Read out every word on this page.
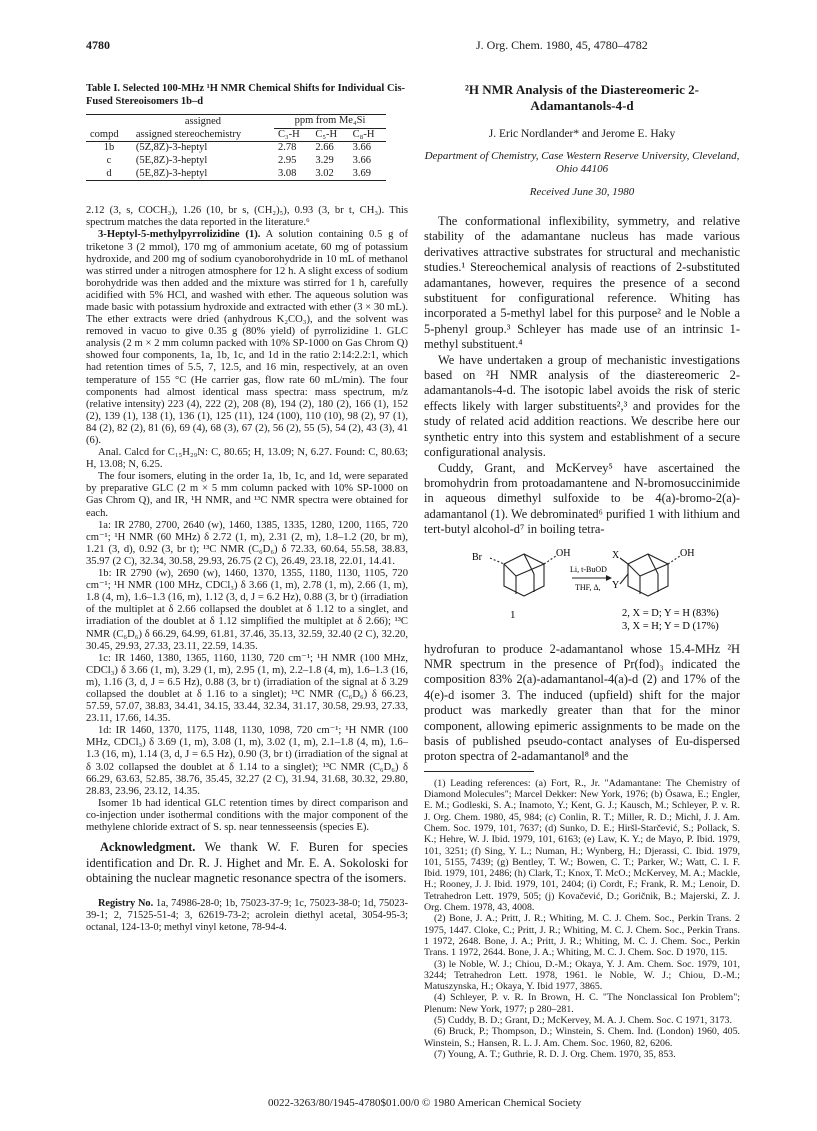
4780	J. Org. Chem. 1980, 45, 4780–4782
Table I. Selected 100-MHz ¹H NMR Chemical Shifts for Individual Cis-Fused Stereoisomers 1b–d
	assigned	ppm from Me₄Si		
compd	assigned stereochemistry	C₃-H	C₅-H	C₈-H
1b	(5Z,8Z)-3-heptyl	2.78	2.66	3.66
c	(5E,8Z)-3-heptyl	2.95	3.29	3.66
d	(5E,8Z)-3-heptyl	3.08	3.02	3.69

2.12 (3, s, COCH₃), 1.26 (10, br s, (CH₂)₅), 0.93 (3, br t, CH₃). This spectrum matches the data reported in the literature.⁶

3-Heptyl-5-methylpyrrolizidine (1). A solution containing 0.5 g of triketone 3 (2 mmol), 170 mg of ammonium acetate, 60 mg of potassium hydroxide, and 200 mg of sodium cyanoborohydride in 10 mL of methanol was stirred under a nitrogen atmosphere for 12 h. A slight excess of sodium borohydride was then added and the mixture was stirred for 1 h, carefully acidified with 5% HCl, and washed with ether. The aqueous solution was made basic with potassium hydroxide and extracted with ether (3 × 30 mL). The ether extracts were dried (anhydrous K₂CO₃), and the solvent was removed in vacuo to give 0.35 g (80% yield) of pyrrolizidine 1. GLC analysis (2 m × 2 mm column packed with 10% SP-1000 on Gas Chrom Q) showed four components, 1a, 1b, 1c, and 1d in the ratio 2:14:2.2:1, which had retention times of 5.5, 7, 12.5, and 16 min, respectively, at an oven temperature of 155 °C (He carrier gas, flow rate 60 mL/min). The four components had almost identical mass spectra: mass spectrum, m/z (relative intensity) 223 (4), 222 (2), 208 (8), 194 (2), 180 (2), 166 (1), 152 (2), 139 (1), 138 (1), 136 (1), 125 (11), 124 (100), 110 (10), 98 (2), 97 (1), 84 (2), 82 (2), 81 (6), 69 (4), 68 (3), 67 (2), 56 (2), 55 (5), 54 (2), 43 (3), 41 (6).

Anal. Calcd for C₁₅H₂₉N: C, 80.65; H, 13.09; N, 6.27. Found: C, 80.63; H, 13.08; N, 6.25.

The four isomers, eluting in the order 1a, 1b, 1c, and 1d, were separated by preparative GLC (2 m × 5 mm column packed with 10% SP-1000 on Gas Chrom Q), and IR, ¹H NMR, and ¹³C NMR spectra were obtained for each.

1a: IR 2780, 2700, 2640 (w), 1460, 1385, 1335, 1280, 1200, 1165, 720 cm⁻¹; ¹H NMR (60 MHz) δ 2.72 (1, m), 2.31 (2, m), 1.8–1.2 (20, br m), 1.21 (3, d), 0.92 (3, br t); ¹³C NMR (C₆D₆) δ 72.33, 60.64, 55.58, 38.83, 35.97 (2 C), 32.34, 30.58, 29.93, 26.75 (2 C), 26.49, 23.18, 22.01, 14.41.

1b: IR 2790 (w), 2690 (w), 1460, 1370, 1355, 1180, 1130, 1105, 720 cm⁻¹; ¹H NMR (100 MHz, CDCl₃) δ 3.66 (1, m), 2.78 (1, m), 2.66 (1, m), 1.8 (4, m), 1.6–1.3 (16, m), 1.12 (3, d, J = 6.2 Hz), 0.88 (3, br t) (irradiation of the multiplet at δ 2.66 collapsed the doublet at δ 1.12 to a singlet, and irradiation of the doublet at δ 1.12 simplified the multiplet at δ 2.66); ¹³C NMR (C₆D₆) δ 66.29, 64.99, 61.81, 37.46, 35.13, 32.59, 32.40 (2 C), 32.20, 30.45, 29.93, 27.33, 23.11, 22.59, 14.35.

1c: IR 1460, 1380, 1365, 1160, 1130, 720 cm⁻¹; ¹H NMR (100 MHz, CDCl₃) δ 3.66 (1, m), 3.29 (1, m), 2.95 (1, m), 2.2–1.8 (4, m), 1.6–1.3 (16, m), 1.16 (3, d, J = 6.5 Hz), 0.88 (3, br t) (irradiation of the signal at δ 3.29 collapsed the doublet at δ 1.16 to a singlet); ¹³C NMR (C₆D₆) δ 66.23, 57.59, 57.07, 38.83, 34.41, 34.15, 33.44, 32.34, 31.17, 30.58, 29.93, 27.33, 23.11, 17.66, 14.35.

1d: IR 1460, 1370, 1175, 1148, 1130, 1098, 720 cm⁻¹; ¹H NMR (100 MHz, CDCl₃) δ 3.69 (1, m), 3.08 (1, m), 3.02 (1, m), 2.1–1.8 (4, m), 1.6–1.3 (16, m), 1.14 (3, d, J = 6.5 Hz), 0.90 (3, br t) (irradiation of the signal at δ 3.02 collapsed the doublet at δ 1.14 to a singlet); ¹³C NMR (C₆D₆) δ 66.29, 63.63, 52.85, 38.76, 35.45, 32.27 (2 C), 31.94, 31.68, 30.32, 29.80, 28.83, 23.96, 23.12, 14.35.

Isomer 1b had identical GLC retention times by direct comparison and co-injection under isothermal conditions with the major component of the methylene chloride extract of S. sp. near tennesseensis (species E).

Acknowledgment. We thank W. F. Buren for species identification and Dr. R. J. Highet and Mr. E. A. Sokoloski for obtaining the nuclear magnetic resonance spectra of the isomers.

Registry No. 1a, 74986-28-0; 1b, 75023-37-9; 1c, 75023-38-0; 1d, 75023-39-1; 2, 71525-51-4; 3, 62619-73-2; acrolein diethyl acetal, 3054-95-3; octanal, 124-13-0; methyl vinyl ketone, 78-94-4.

²H NMR Analysis of the Diastereomeric 2-Adamantanols-4-d

J. Eric Nordlander* and Jerome E. Haky

Department of Chemistry, Case Western Reserve University, Cleveland, Ohio 44106

Received June 30, 1980

The conformational inflexibility, symmetry, and relative stability of the adamantane nucleus has made various derivatives attractive substrates for structural and mechanistic studies.¹ Stereochemical analysis of reactions of 2-substituted adamantanes, however, requires the presence of a second substituent for configurational reference. Whiting has incorporated a 5-methyl label for this purpose² and le Noble a 5-phenyl group.³ Schleyer has made use of an intrinsic 1-methyl substituent.⁴

We have undertaken a group of mechanistic investigations based on ²H NMR analysis of the diastereomeric 2-adamantanols-4-d. The isotopic label avoids the risk of steric effects likely with larger substituents²,³ and provides for the study of related acid addition reactions. We describe here our synthetic entry into this system and establishment of a secure configurational analysis.

Cuddy, Grant, and McKervey⁵ have ascertained the bromohydrin from protoadamantene and N-bromosuccinimide in aqueous dimethyl sulfoxide to be 4(a)-bromo-2(a)-adamantanol (1). We debrominated⁶ purified 1 with lithium and tert-butyl alcohol-d⁷ in boiling tetra-

Br	OH
Li, t-BuOD
THF, Δ,
X
Y
OH
1	2, X = D; Y = H (83%)
3, X = H; Y = D (17%)

hydrofuran to produce 2-adamantanol whose 15.4-MHz ²H NMR spectrum in the presence of Pr(fod)₃ indicated the composition 83% 2(a)-adamantanol-4(a)-d (2) and 17% of the 4(e)-d isomer 3. The induced (upfield) shift for the major product was markedly greater than that for the minor component, allowing epimeric assignments to be made on the basis of published pseudo-contact analyses of Eu-dispersed proton spectra of 2-adamantanol⁸ and the

(1) Leading references: (a) Fort, R., Jr. "Adamantane: The Chemistry of Diamond Molecules"; Marcel Dekker: New York, 1976; (b) Ōsawa, E.; Engler, E. M.; Godleski, S. A.; Inamoto, Y.; Kent, G. J.; Kausch, M.; Schleyer, P. v. R. J. Org. Chem. 1980, 45, 984; (c) Conlin, R. T.; Miller, R. D.; Michl, J. J. Am. Chem. Soc. 1979, 101, 7637; (d) Sunko, D. E.; Hiršl-Starčević, S.; Pollack, S. K.; Hehre, W. J. Ibid. 1979, 101, 6163; (e) Law, K. Y.; de Mayo, P. Ibid. 1979, 101, 3251; (f) Sing, Y. L.; Numan, H.; Wynberg, H.; Djerassi, C. Ibid. 1979, 101, 5155, 7439; (g) Bentley, T. W.; Bowen, C. T.; Parker, W.; Watt, C. I. F. Ibid. 1979, 101, 2486; (h) Clark, T.; Knox, T. McO.; McKervey, M. A.; Mackle, H.; Rooney, J. J. Ibid. 1979, 101, 2404; (i) Cordt, F.; Frank, R. M.; Lenoir, D. Tetrahedron Lett. 1979, 505; (j) Kovačević, D.; Goričnik, B.; Majerski, Z. J. Org. Chem. 1978, 43, 4008.

(2) Bone, J. A.; Pritt, J. R.; Whiting, M. C. J. Chem. Soc., Perkin Trans. 2 1975, 1447. Cloke, C.; Pritt, J. R.; Whiting, M. C. J. Chem. Soc., Perkin Trans. 1 1972, 2648. Bone, J. A.; Pritt, J. R.; Whiting, M. C. J. Chem. Soc., Perkin Trans. 1 1972, 2644. Bone, J. A.; Whiting, M. C. J. Chem. Soc. D 1970, 115.

(3) le Noble, W. J.; Chiou, D.-M.; Okaya, Y. J. Am. Chem. Soc. 1979, 101, 3244; Tetrahedron Lett. 1978, 1961. le Noble, W. J.; Chiou, D.-M.; Matuszynska, H.; Okaya, Y. Ibid 1977, 3865.

(4) Schleyer, P. v. R. In Brown, H. C. "The Nonclassical Ion Problem"; Plenum: New York, 1977; p 280–281.

(5) Cuddy, B. D.; Grant, D.; McKervey, M. A. J. Chem. Soc. C 1971, 3173.

(6) Bruck, P.; Thompson, D.; Winstein, S. Chem. Ind. (London) 1960, 405. Winstein, S.; Hansen, R. L. J. Am. Chem. Soc. 1960, 82, 6206.

(7) Young, A. T.; Guthrie, R. D. J. Org. Chem. 1970, 35, 853.

0022-3263/80/1945-4780$01.00/0 © 1980 American Chemical Society
